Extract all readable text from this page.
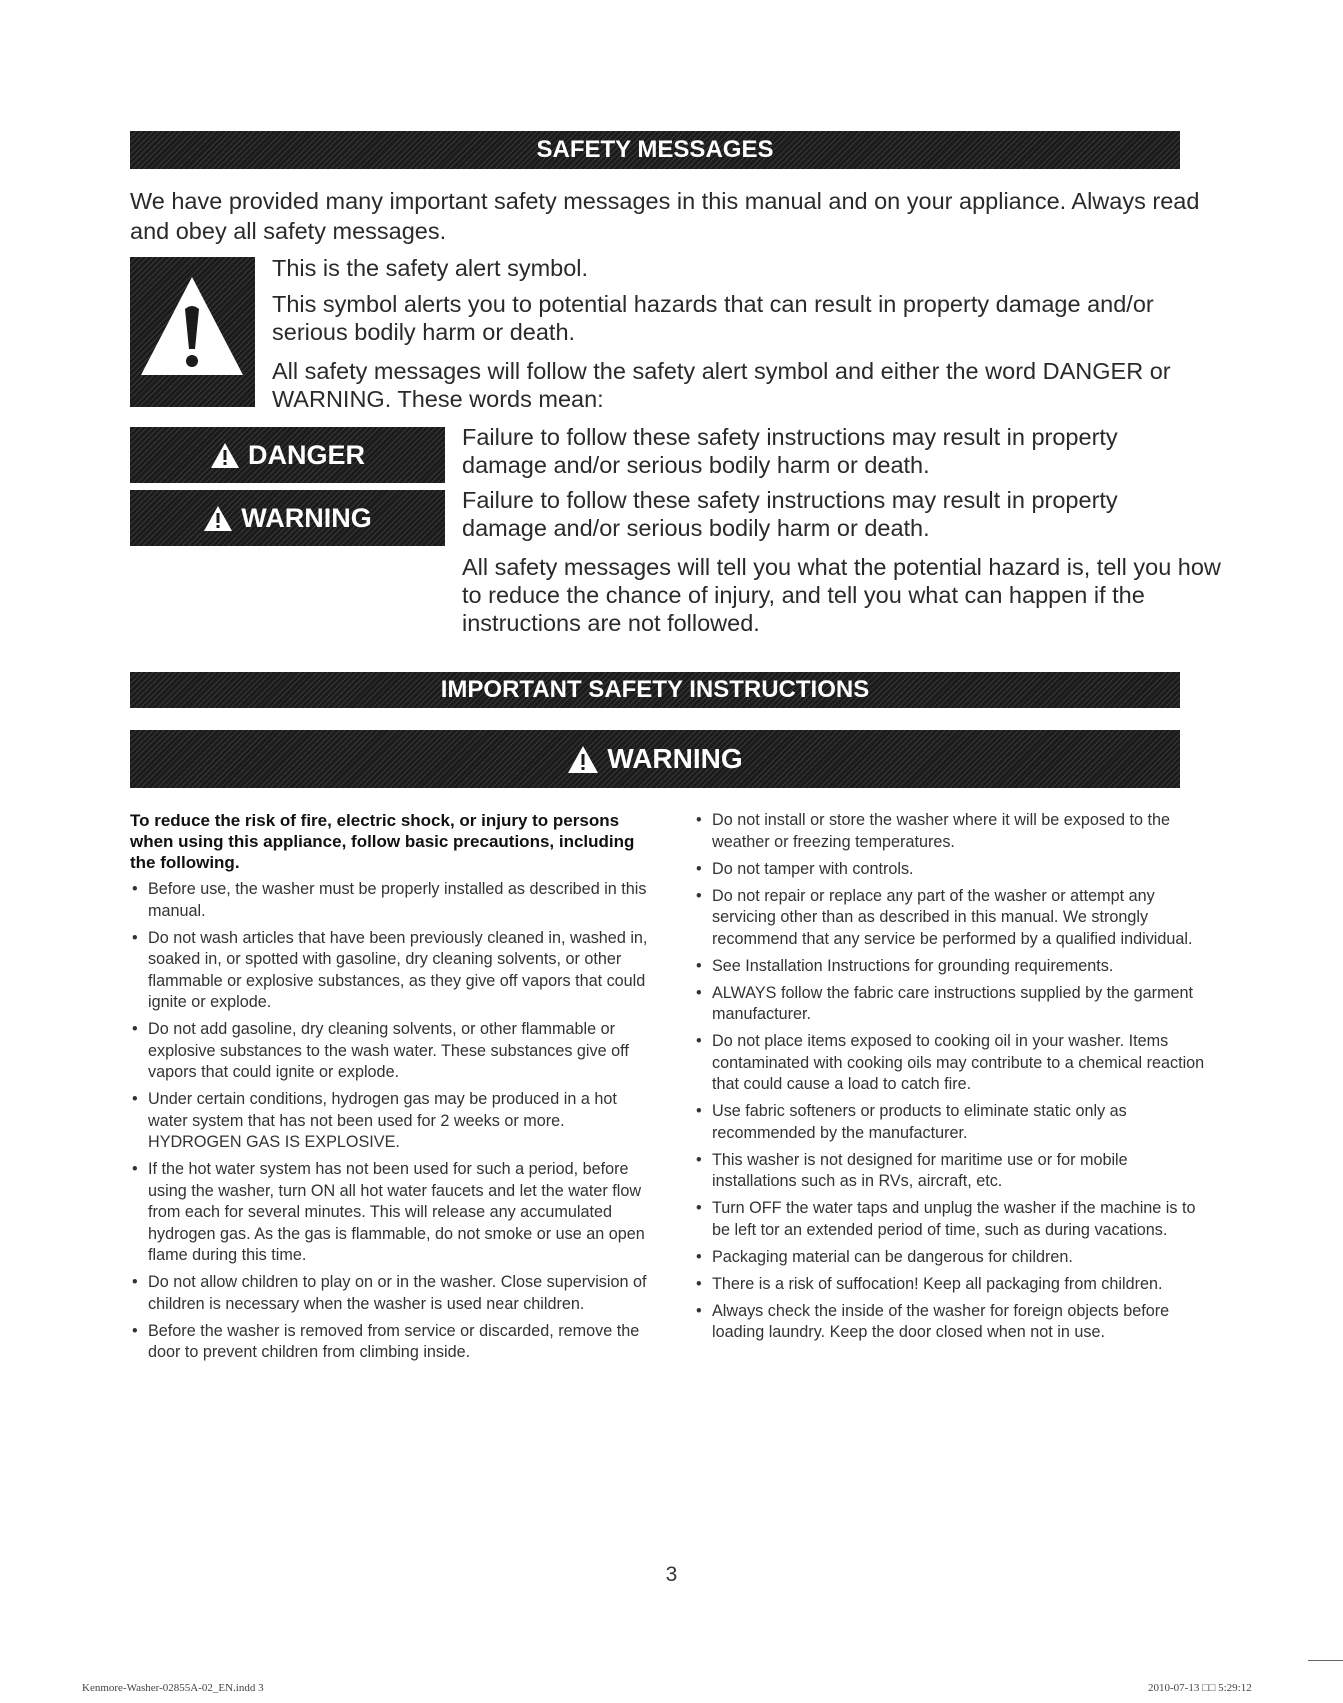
SAFETY MESSAGES
We have provided many important safety messages in this manual and on your appliance. Always read and obey all safety messages.

This is the safety alert symbol.

This symbol alerts you to potential hazards that can result in property damage and/or serious bodily harm or death.

All safety messages will follow the safety alert symbol and either the word DANGER or WARNING. These words mean:

DANGER

Failure to follow these safety instructions may result in property damage and/or serious bodily harm or death.

WARNING

Failure to follow these safety instructions may result in property damage and/or serious bodily harm or death.

All safety messages will tell you what the potential hazard is, tell you how to reduce the chance of injury, and tell you what can happen if the instructions are not followed.

IMPORTANT SAFETY INSTRUCTIONS
WARNING

To reduce the risk of fire, electric shock, or injury to persons when using this appliance, follow basic precautions, including the following.

• Before use, the washer must be properly installed as described in this manual.
• Do not wash articles that have been previously cleaned in, washed in, soaked in, or spotted with gasoline, dry cleaning solvents, or other flammable or explosive substances, as they give off vapors that could ignite or explode.
• Do not add gasoline, dry cleaning solvents, or other flammable or explosive substances to the wash water. These substances give off vapors that could ignite or explode.
• Under certain conditions, hydrogen gas may be produced in a hot water system that has not been used for 2 weeks or more. HYDROGEN GAS IS EXPLOSIVE.
• If the hot water system has not been used for such a period, before using the washer, turn ON all hot water faucets and let the water flow from each for several minutes. This will release any accumulated hydrogen gas. As the gas is flammable, do not smoke or use an open flame during this time.
• Do not allow children to play on or in the washer. Close supervision of children is necessary when the washer is used near children.
• Before the washer is removed from service or discarded, remove the door to prevent children from climbing inside.
• Do not install or store the washer where it will be exposed to the weather or freezing temperatures.
• Do not tamper with controls.
• Do not repair or replace any part of the washer or attempt any servicing other than as described in this manual. We strongly recommend that any service be performed by a qualified individual.
• See Installation Instructions for grounding requirements.
• ALWAYS follow the fabric care instructions supplied by the garment manufacturer.
• Do not place items exposed to cooking oil in your washer. Items contaminated with cooking oils may contribute to a chemical reaction that could cause a load to catch fire.
• Use fabric softeners or products to eliminate static only as recommended by the manufacturer.
• This washer is not designed for maritime use or for mobile installations such as in RVs, aircraft, etc.
• Turn OFF the water taps and unplug the washer if the machine is to be left tor an extended period of time, such as during vacations.
• Packaging material can be dangerous for children.
• There is a risk of suffocation! Keep all packaging from children.
• Always check the inside of the washer for foreign objects before loading laundry. Keep the door closed when not in use.
3
Kenmore-Washer-02855A-02_EN.indd 3	2010-07-13 □□ 5:29:12
